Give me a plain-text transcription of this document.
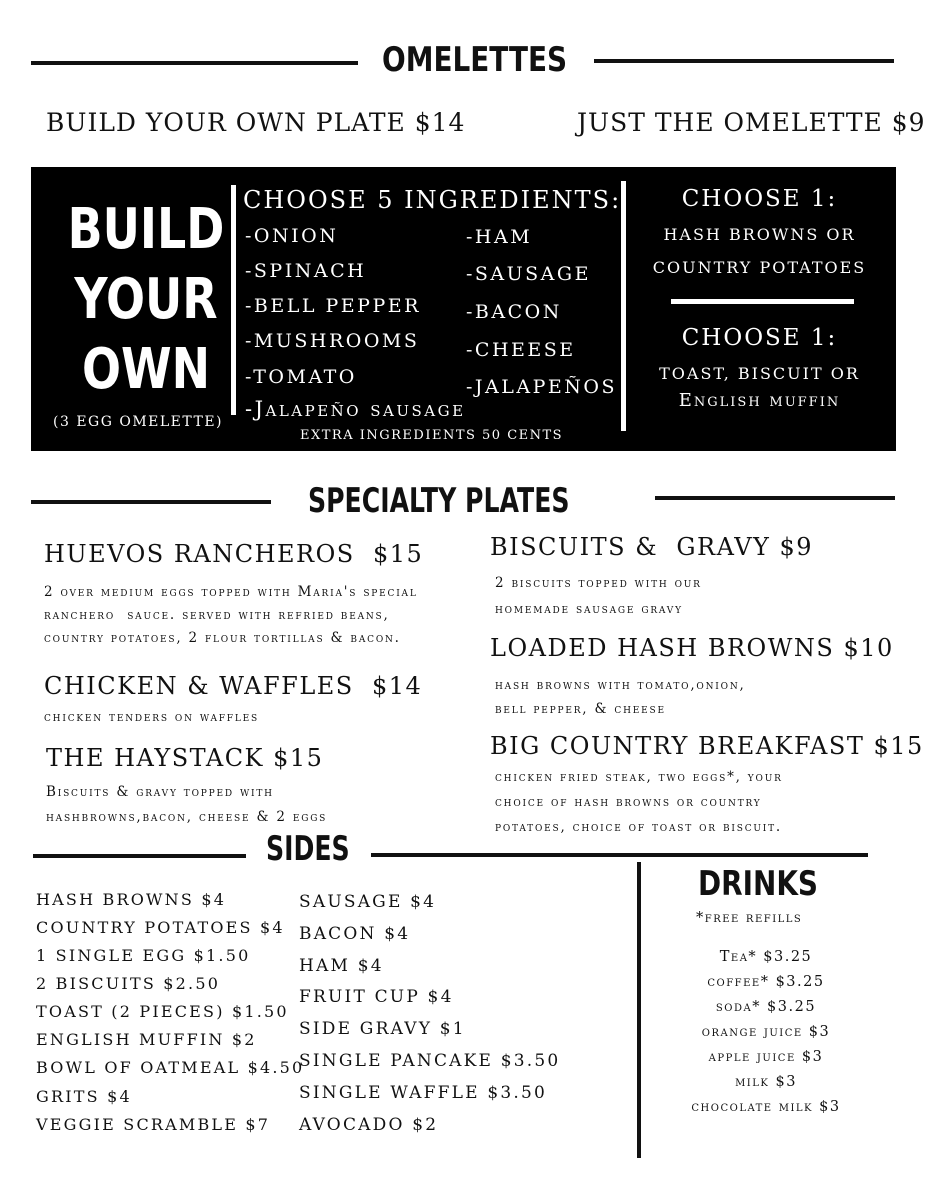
OMELETTES
BUILD YOUR OWN PLATE $14	JUST THE OMELETTE $9
BUILD
YOUR
OWN
(3 EGG OMELETTE)
CHOOSE 5 INGREDIENTS:
-ONION
-SPINACH
-BELL PEPPER
-MUSHROOMS
-TOMATO
-Jalapeño sausage
-HAM
-SAUSAGE
-BACON
-CHEESE
-JALAPEÑOS
EXTRA INGREDIENTS 50 CENTS
CHOOSE 1:
HASH BROWNS OR
COUNTRY POTATOES
CHOOSE 1:
TOAST, BISCUIT OR
English muffin
SPECIALTY PLATES
HUEVOS RANCHEROS  $15
2 over medium eggs topped with Maria's special
ranchero  sauce. served with refried beans,
country potatoes, 2 flour tortillas & bacon.
CHICKEN & WAFFLES  $14
chicken tenders on waffles
THE HAYSTACK $15
Biscuits & gravy topped with
hashbrowns,bacon, cheese & 2 eggs
BISCUITS &  GRAVY $9
2 biscuits topped with our
homemade sausage gravy
LOADED HASH BROWNS $10
hash browns with tomato,onion,
bell pepper, & cheese
BIG COUNTRY BREAKFAST $15
chicken fried steak, two eggs*, your
choice of hash browns or country
potatoes, choice of toast or biscuit.
SIDES
HASH BROWNS $4
COUNTRY POTATOES $4
1 SINGLE EGG $1.50
2 BISCUITS $2.50
TOAST (2 PIECES) $1.50
ENGLISH MUFFIN $2
BOWL OF OATMEAL $4.50
GRITS $4
VEGGIE SCRAMBLE $7
SAUSAGE $4
BACON $4
HAM $4
FRUIT CUP $4
SIDE GRAVY $1
SINGLE PANCAKE $3.50
SINGLE WAFFLE $3.50
AVOCADO $2
DRINKS
*free refills
Tea* $3.25
coffee* $3.25
soda* $3.25
orange juice $3
apple juice $3
milk $3
chocolate milk $3
